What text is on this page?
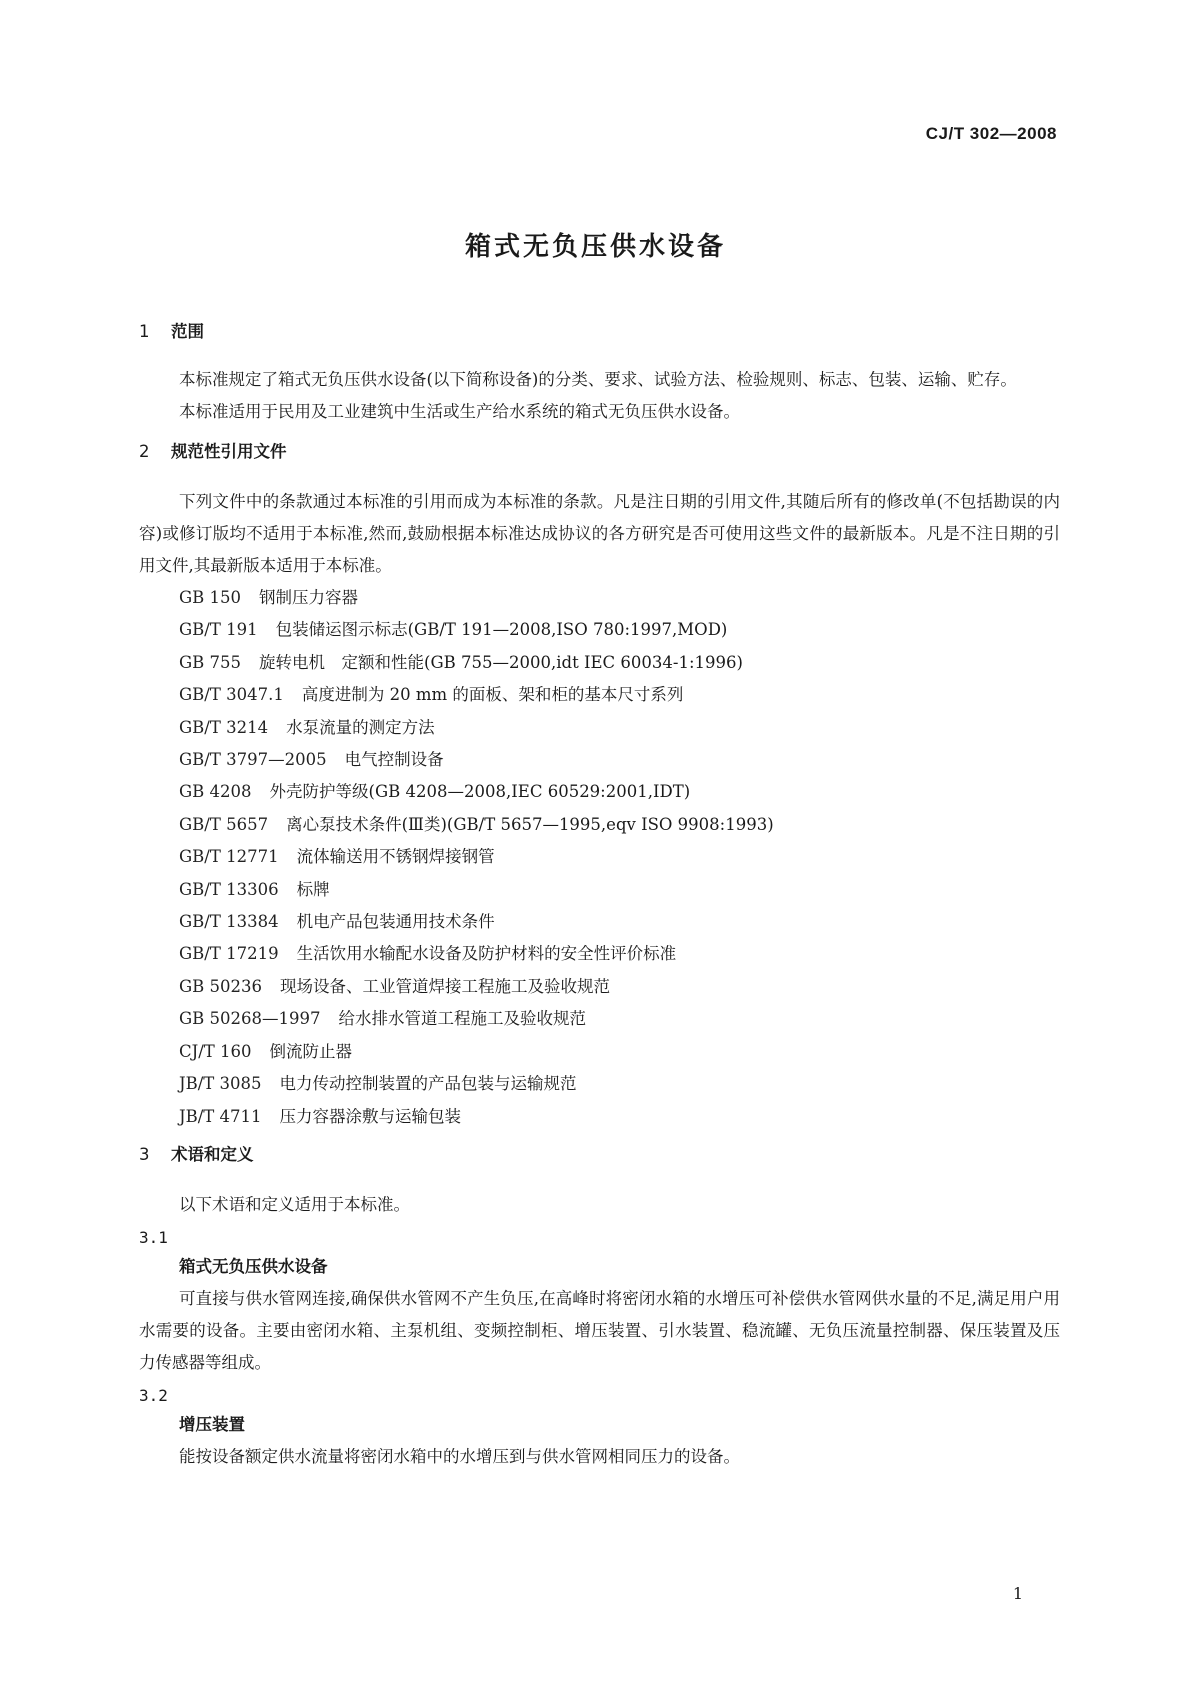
CJ/T 302—2008

箱式无负压供水设备
1 范围

本标准规定了箱式无负压供水设备(以下简称设备)的分类、要求、试验方法、检验规则、标志、包装、运输、贮存。

本标准适用于民用及工业建筑中生活或生产给水系统的箱式无负压供水设备。

2 规范性引用文件

下列文件中的条款通过本标准的引用而成为本标准的条款。凡是注日期的引用文件,其随后所有的修改单(不包括勘误的内容)或修订版均不适用于本标准,然而,鼓励根据本标准达成协议的各方研究是否可使用这些文件的最新版本。凡是不注日期的引用文件,其最新版本适用于本标准。

GB 150 钢制压力容器

GB/T 191 包装储运图示标志(GB/T 191—2008,ISO 780:1997,MOD)

GB 755 旋转电机　定额和性能(GB 755—2000,idt IEC 60034-1:1996)

GB/T 3047.1 高度进制为 20 mm 的面板、架和柜的基本尺寸系列

GB/T 3214 水泵流量的测定方法

GB/T 3797—2005 电气控制设备

GB 4208 外壳防护等级(GB 4208—2008,IEC 60529:2001,IDT)

GB/T 5657 离心泵技术条件(Ⅲ类)(GB/T 5657—1995,eqv ISO 9908:1993)

GB/T 12771 流体输送用不锈钢焊接钢管

GB/T 13306 标牌

GB/T 13384 机电产品包装通用技术条件

GB/T 17219 生活饮用水输配水设备及防护材料的安全性评价标准

GB 50236 现场设备、工业管道焊接工程施工及验收规范

GB 50268—1997 给水排水管道工程施工及验收规范

CJ/T 160 倒流防止器

JB/T 3085 电力传动控制装置的产品包装与运输规范

JB/T 4711 压力容器涂敷与运输包装

3 术语和定义

以下术语和定义适用于本标准。

3.1

箱式无负压供水设备

可直接与供水管网连接,确保供水管网不产生负压,在高峰时将密闭水箱的水增压可补偿供水管网供水量的不足,满足用户用水需要的设备。主要由密闭水箱、主泵机组、变频控制柜、增压装置、引水装置、稳流罐、无负压流量控制器、保压装置及压力传感器等组成。

3.2

增压装置

能按设备额定供水流量将密闭水箱中的水增压到与供水管网相同压力的设备。

1
